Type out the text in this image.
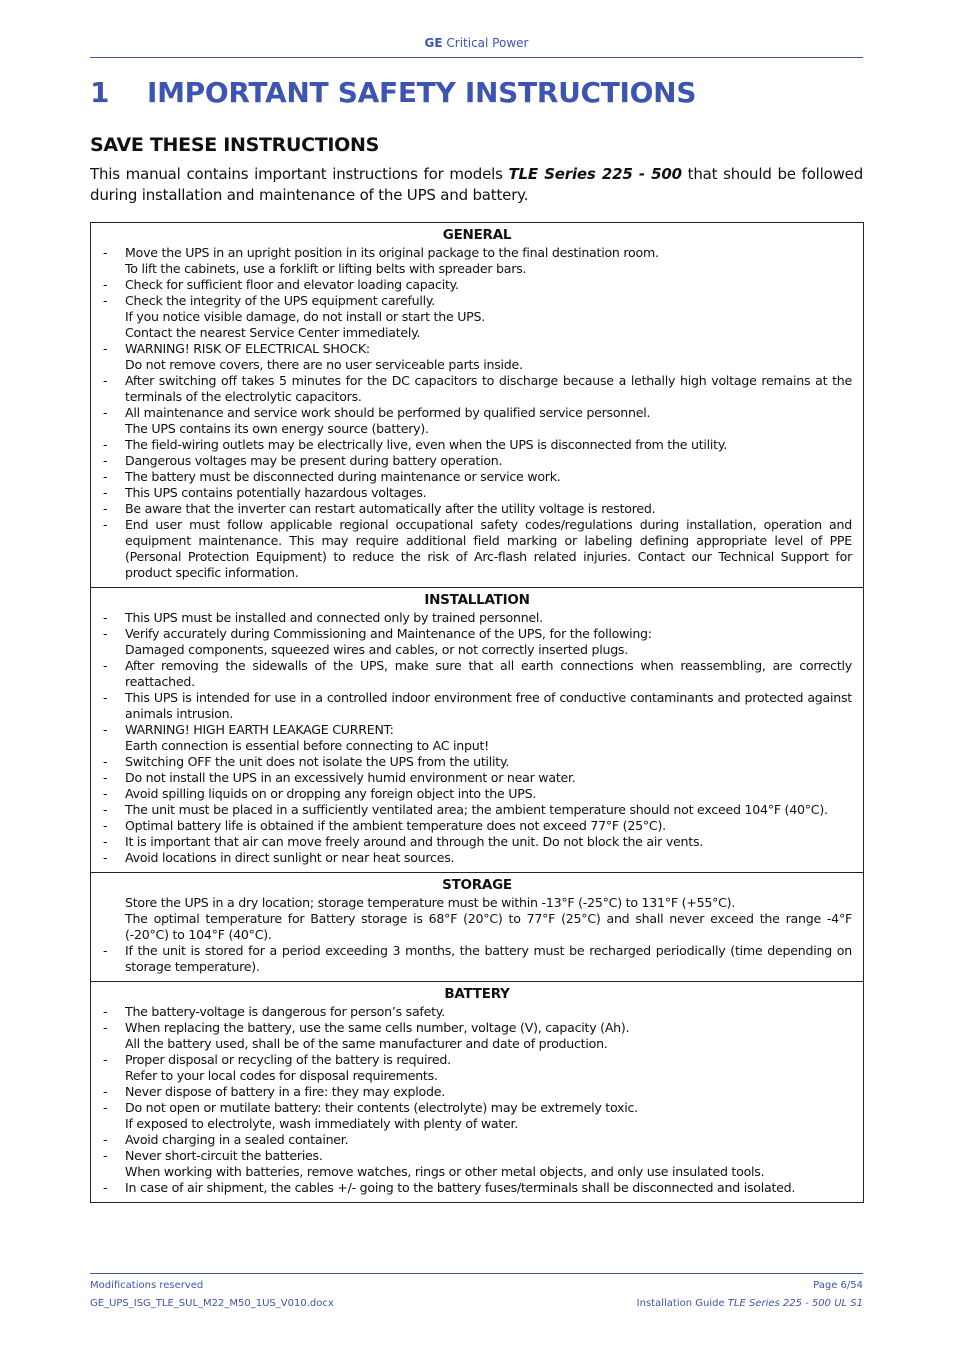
GE Critical Power
1 IMPORTANT SAFETY INSTRUCTIONS
SAVE THESE INSTRUCTIONS
This manual contains important instructions for models TLE Series 225 - 500 that should be followed during installation and maintenance of the UPS and battery.
GENERAL
- Move the UPS in an upright position in its original package to the final destination room.
To lift the cabinets, use a forklift or lifting belts with spreader bars.
- Check for sufficient floor and elevator loading capacity.
- Check the integrity of the UPS equipment carefully.
If you notice visible damage, do not install or start the UPS.
Contact the nearest Service Center immediately.
- WARNING! RISK OF ELECTRICAL SHOCK:
Do not remove covers, there are no user serviceable parts inside.
- After switching off takes 5 minutes for the DC capacitors to discharge because a lethally high voltage remains at the terminals of the electrolytic capacitors.
- All maintenance and service work should be performed by qualified service personnel.
The UPS contains its own energy source (battery).
- The field-wiring outlets may be electrically live, even when the UPS is disconnected from the utility.
- Dangerous voltages may be present during battery operation.
- The battery must be disconnected during maintenance or service work.
- This UPS contains potentially hazardous voltages.
- Be aware that the inverter can restart automatically after the utility voltage is restored.
- End user must follow applicable regional occupational safety codes/regulations during installation, operation and equipment maintenance. This may require additional field marking or labeling defining appropriate level of PPE (Personal Protection Equipment) to reduce the risk of Arc-flash related injuries. Contact our Technical Support for product specific information.

INSTALLATION
- This UPS must be installed and connected only by trained personnel.
- Verify accurately during Commissioning and Maintenance of the UPS, for the following:
Damaged components, squeezed wires and cables, or not correctly inserted plugs.
- After removing the sidewalls of the UPS, make sure that all earth connections when reassembling, are correctly reattached.
- This UPS is intended for use in a controlled indoor environment free of conductive contaminants and protected against animals intrusion.
- WARNING! HIGH EARTH LEAKAGE CURRENT:
Earth connection is essential before connecting to AC input!
- Switching OFF the unit does not isolate the UPS from the utility.
- Do not install the UPS in an excessively humid environment or near water.
- Avoid spilling liquids on or dropping any foreign object into the UPS.
- The unit must be placed in a sufficiently ventilated area; the ambient temperature should not exceed 104°F (40°C).
- Optimal battery life is obtained if the ambient temperature does not exceed 77°F (25°C).
- It is important that air can move freely around and through the unit. Do not block the air vents.
- Avoid locations in direct sunlight or near heat sources.

STORAGE
Store the UPS in a dry location; storage temperature must be within -13°F (-25°C) to 131°F (+55°C).
The optimal temperature for Battery storage is 68°F (20°C) to 77°F (25°C) and shall never exceed the range -4°F (-20°C) to 104°F (40°C).
- If the unit is stored for a period exceeding 3 months, the battery must be recharged periodically (time depending on storage temperature).

BATTERY
- The battery-voltage is dangerous for person’s safety.
- When replacing the battery, use the same cells number, voltage (V), capacity (Ah).
All the battery used, shall be of the same manufacturer and date of production.
- Proper disposal or recycling of the battery is required.
Refer to your local codes for disposal requirements.
- Never dispose of battery in a fire: they may explode.
- Do not open or mutilate battery: their contents (electrolyte) may be extremely toxic.
If exposed to electrolyte, wash immediately with plenty of water.
- Avoid charging in a sealed container.
- Never short-circuit the batteries.
When working with batteries, remove watches, rings or other metal objects, and only use insulated tools.
- In case of air shipment, the cables +/- going to the battery fuses/terminals shall be disconnected and isolated.
Modifications reserved
GE_UPS_ISG_TLE_SUL_M22_M50_1US_V010.docx
Page 6/54
Installation Guide TLE Series 225 - 500 UL S1
